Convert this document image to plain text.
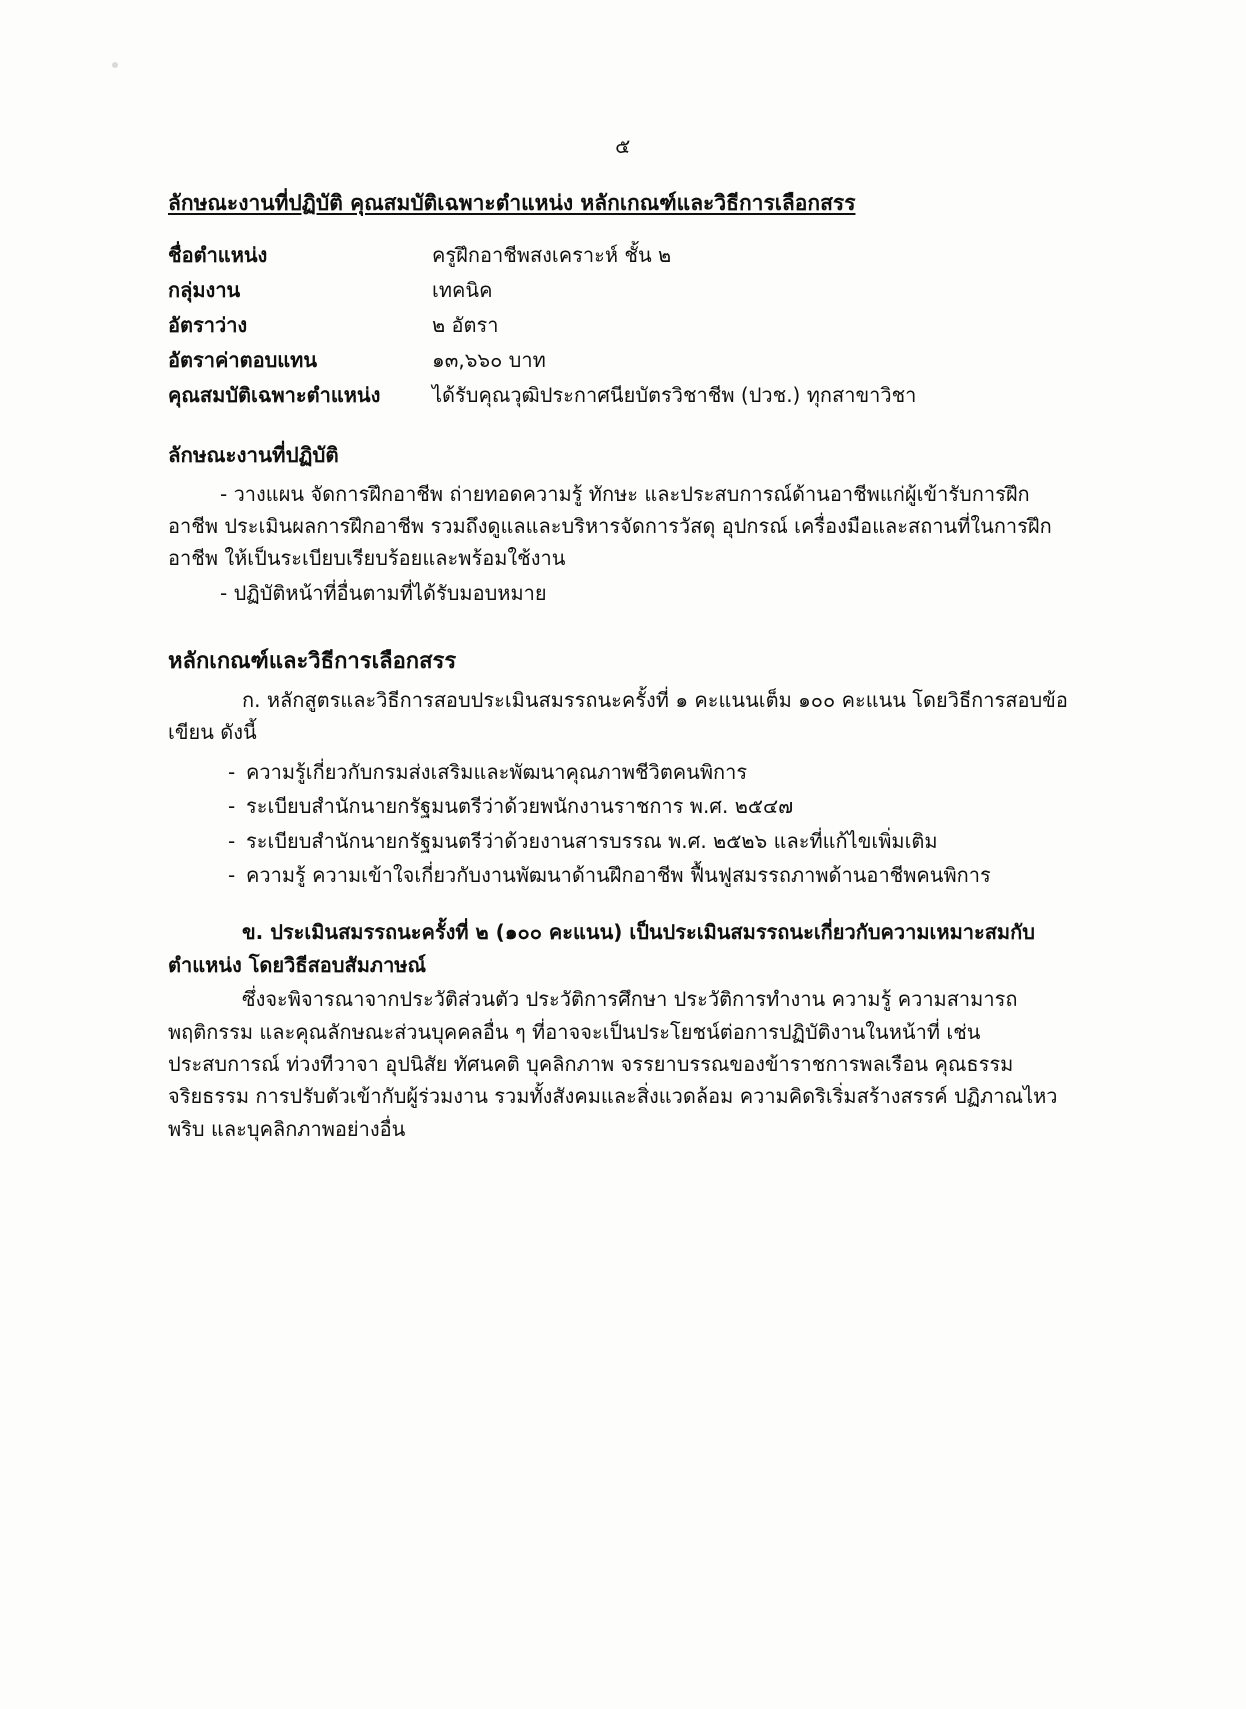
๕
ลักษณะงานที่ปฏิบัติ คุณสมบัติเฉพาะตำแหน่ง หลักเกณฑ์และวิธีการเลือกสรร
ชื่อตำแหน่ง	ครูฝึกอาชีพสงเคราะห์ ชั้น ๒
กลุ่มงาน	เทคนิค
อัตราว่าง	๒ อัตรา
อัตราค่าตอบแทน	๑๓,๖๖๐ บาท
คุณสมบัติเฉพาะตำแหน่ง	ได้รับคุณวุฒิประกาศนียบัตรวิชาชีพ (ปวช.) ทุกสาขาวิชา
ลักษณะงานที่ปฏิบัติ

- วางแผน จัดการฝึกอาชีพ ถ่ายทอดความรู้ ทักษะ และประสบการณ์ด้านอาชีพแก่ผู้เข้ารับการฝึกอาชีพ ประเมินผลการฝึกอาชีพ รวมถึงดูแลและบริหารจัดการวัสดุ อุปกรณ์ เครื่องมือและสถานที่ในการฝึกอาชีพ ให้เป็นระเบียบเรียบร้อยและพร้อมใช้งาน

- ปฏิบัติหน้าที่อื่นตามที่ได้รับมอบหมาย

หลักเกณฑ์และวิธีการเลือกสรร

ก. หลักสูตรและวิธีการสอบประเมินสมรรถนะครั้งที่ ๑ คะแนนเต็ม ๑๐๐ คะแนน โดยวิธีการสอบข้อเขียน ดังนี้

- ความรู้เกี่ยวกับกรมส่งเสริมและพัฒนาคุณภาพชีวิตคนพิการ
- ระเบียบสำนักนายกรัฐมนตรีว่าด้วยพนักงานราชการ พ.ศ. ๒๕๔๗
- ระเบียบสำนักนายกรัฐมนตรีว่าด้วยงานสารบรรณ พ.ศ. ๒๕๒๖ และที่แก้ไขเพิ่มเติม
- ความรู้ ความเข้าใจเกี่ยวกับงานพัฒนาด้านฝึกอาชีพ ฟื้นฟูสมรรถภาพด้านอาชีพคนพิการ

ข. ประเมินสมรรถนะครั้งที่ ๒ (๑๐๐ คะแนน) เป็นประเมินสมรรถนะเกี่ยวกับความเหมาะสมกับตำแหน่ง โดยวิธีสอบสัมภาษณ์

ซึ่งจะพิจารณาจากประวัติส่วนตัว ประวัติการศึกษา ประวัติการทำงาน ความรู้ ความสามารถ พฤติกรรม และคุณลักษณะส่วนบุคคลอื่น ๆ ที่อาจจะเป็นประโยชน์ต่อการปฏิบัติงานในหน้าที่ เช่น ประสบการณ์ ท่วงทีวาจา อุปนิสัย ทัศนคติ บุคลิกภาพ จรรยาบรรณของข้าราชการพลเรือน คุณธรรม จริยธรรม การปรับตัวเข้ากับผู้ร่วมงาน รวมทั้งสังคมและสิ่งแวดล้อม ความคิดริเริ่มสร้างสรรค์ ปฏิภาณไหวพริบ และบุคลิกภาพอย่างอื่น
